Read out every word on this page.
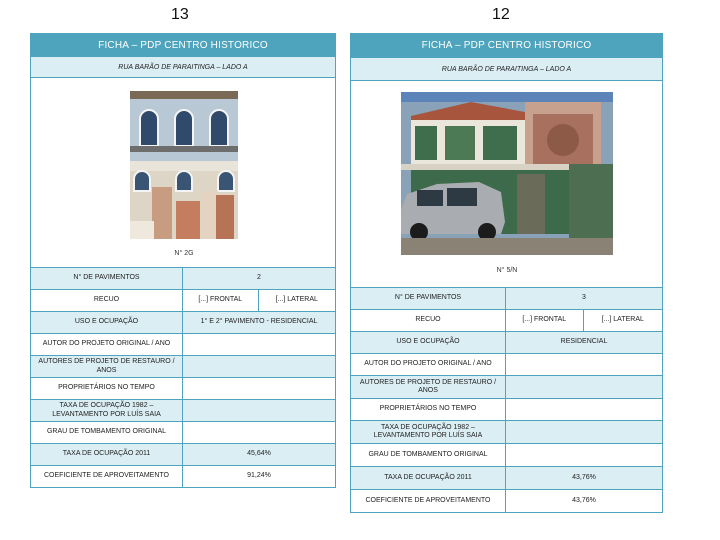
13	12
FICHA – PDP CENTRO HISTORICO
RUA BARÃO DE PARAITINGA – LADO A
N° 2G
N° DE PAVIMENTOS	2
RECUO	[...] FRONTAL	[...] LATERAL
USO E OCUPAÇÃO	1° E 2° PAVIMENTO - RESIDENCIAL
AUTOR DO PROJETO ORIGINAL / ANO
AUTORES DE PROJETO DE RESTAURO / ANOS
PROPRIETÁRIOS NO TEMPO
TAXA DE OCUPAÇÃO 1982 – LEVANTAMENTO POR LUÍS SAIA
GRAU DE TOMBAMENTO ORIGINAL
TAXA DE OCUPAÇÃO 2011	45,64%
COEFICIENTE DE APROVEITAMENTO	91,24%
FICHA – PDP CENTRO HISTORICO
RUA BARÃO DE PARAITINGA – LADO A
N° 5/N
N° DE PAVIMENTOS	3
RECUO	[...] FRONTAL	[...] LATERAL
USO E OCUPAÇÃO	RESIDENCIAL
AUTOR DO PROJETO ORIGINAL / ANO
AUTORES DE PROJETO DE RESTAURO / ANOS
PROPRIETÁRIOS NO TEMPO
TAXA DE OCUPAÇÃO 1982 – LEVANTAMENTO POR LUÍS SAIA
GRAU DE TOMBAMENTO ORIGINAL
TAXA DE OCUPAÇÃO 2011	43,76%
COEFICIENTE DE APROVEITAMENTO	43,76%
